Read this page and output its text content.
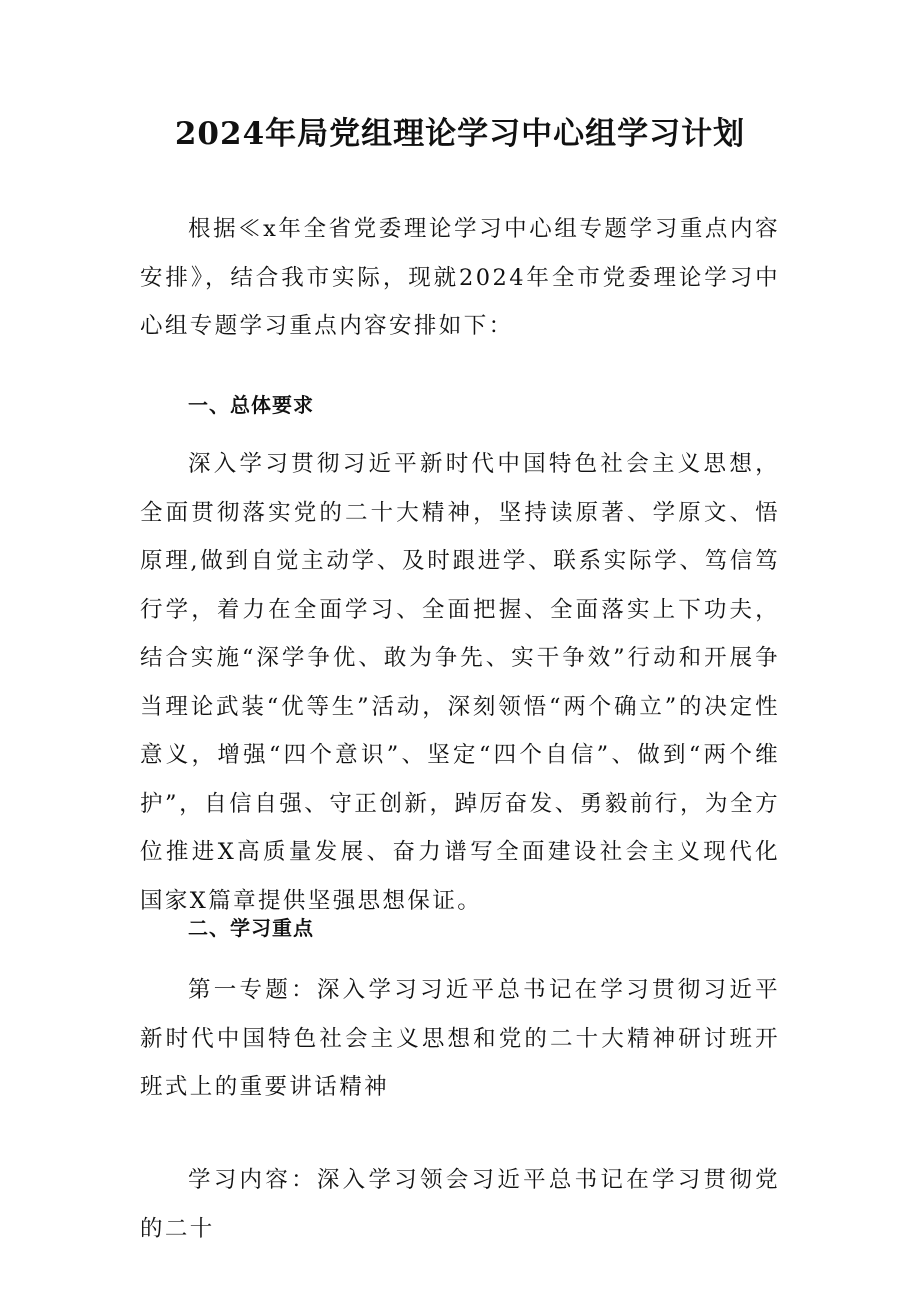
2024年局党组理论学习中心组学习计划

根据≪x年全省党委理论学习中心组专题学习重点内容安排》，结合我市实际，现就2024年全市党委理论学习中心组专题学习重点内容安排如下：

一、总体要求

深入学习贯彻习近平新时代中国特色社会主义思想，全面贯彻落实党的二十大精神，坚持读原著、学原文、悟原理,做到自觉主动学、及时跟进学、联系实际学、笃信笃行学，着力在全面学习、全面把握、全面落实上下功夫，结合实施“深学争优、敢为争先、实干争效”行动和开展争当理论武装“优等生”活动，深刻领悟“两个确立”的决定性意义，增强“四个意识”、坚定“四个自信”、做到“两个维护”，自信自强、守正创新，踔厉奋发、勇毅前行，为全方位推进X高质量发展、奋力谱写全面建设社会主义现代化国家X篇章提供坚强思想保证。

二、学习重点

第一专题：深入学习习近平总书记在学习贯彻习近平新时代中国特色社会主义思想和党的二十大精神研讨班开班式上的重要讲话精神

学习内容：深入学习领会习近平总书记在学习贯彻党的二十
